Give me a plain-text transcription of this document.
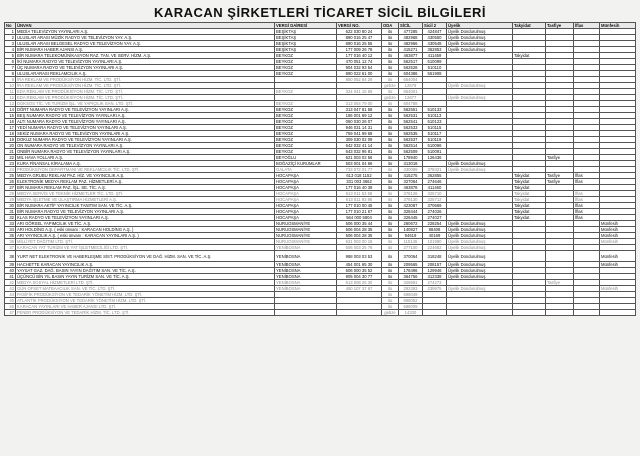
KARACAN ŞİRKETLERİ TİCARET SİCİL BİLGİLERİ
No	ÜNVAN	VERGİ DAİRESİ	VERGİ NO.	ODA	SİCİL	Sicil 2	Üyelik	Takyidat	Tasfiye	İflas	Münfesih
1	MEDİA TELEVİZYON YAYINLARI A.Ş.	BEŞİKTAŞ	622 030 80 24	ito	477285	424847	Üyelik Dondurulmuş				
2	ULUSLAR ARASI MÜZİK RADYO VE TELEVİZYON YAY. A.Ş.	BEŞİKTAŞ	890 016 25 47	ito	482968	430550	Üyelik Dondurulmuş				
3	ULUSLAR ARASI BELGESEL RADYO VE TELEVİZYON YAY. A.Ş.	BEŞİKTAŞ	890 016 25 55	ito	482966	430548	Üyelik Dondurulmuş				
4	BİR NUMARA HABER AJANSI A.Ş.	BEŞİKTAŞ	177 009 26 78	ito	415271	362853	Üyelik Dondurulmuş				
5	BİR NUMARA TELEKOMÜNİKASYON RAZ. TAN. VE SERV. HİZM. A.Ş.	BEYKOZ	177 016 40 12	ito	463877	411459		Takyidat			
6	İKİ NUMARA RADYO VE TELEVİZYON YAYINLARI A.Ş.	BEYKOZ	470 051 12 74	ito	562517	510099					
7	ÜÇ NUMARA RADYO VE TELEVİZYON YAYINLARI A.Ş.	BEYKOZ	904 032 93 54	ito	562528	510110					
8	ULUSLARARASI REKLAMCILIK A.Ş.	BEYKOZ	890 022 61 00	ito	604386	551908					
9	İRA REKLAM VE PRODÜKSİYON HİZM. TİC. LTD. ŞTİ.		850 052 64 29	ito	654004						
10	İRA REKLAM VE PRODÜKSİYON HİZM. TİC. LTD. ŞTİ.			gebze	12678		Üyelik Dondurulmuş				
11	EDA REKLAM VE PRODÜKSİYON HİZM. TİC. LTD. ŞTİ.	BEYKOZ	324 041 15 59	ito	654001						
12	EDA REKLAM VE PRODÜKSİYON HİZM. TİC. LTD. ŞTİ.			gebze	12677		Üyelik Dondurulmuş				
13	DOKSOS TİC. VE TURİZM İŞL. VE YAPIÇILIK SAN. LTD. ŞTİ.	BEYKOZ	313 054 79 00	ito	604788						
14	DÖRT NUMARA RADYO VE TELEVİZYON YAYINLARI A.Ş.	BEYKOZ	313 047 81 58	ito	562551	510133					
15	BEŞ NUMARA RADYO VE TELEVİZYON YAYINLARI A.Ş.	BEYKOZ	186 001 69 12	ito	562531	510113					
16	ALTI NUMARA RADYO VE TELEVİZYON YAYINLARI A.Ş.	BEYKOZ	060 030 26 07	ito	562541	510123					
17	YEDİ NUMARA RADYO VE TELEVİZYON YAYINLARI A.Ş.	BEYKOZ	946 031 14 31	ito	562533	510115					
18	SEKİZ NUMARA RADYO VE TELEVİZYON YAYINLARI A.Ş.	BEYKOZ	759 041 99 68	ito	562535	510117					
19	DOKUZ NUMARA RADYO VE TELEVİZYON YAYINLARI A.Ş.	BEYKOZ	309 030 02 09	ito	562537	510119					
20	ON NUMARA RADYO VE TELEVİZYON YAYINLARI A.Ş.	BEYKOZ	642 032 41 14	ito	562514	510096					
21	ONBİR NUMARA RADYO VE TELEVİZYON YAYINLARI A.Ş.	BEYKOZ	643 032 96 81	ito	562509	510091					
22	MİL HAVA YOLLARI A.Ş.	BEYOĞLU	621 003 02 56	ito	178940	126436			Tasfiye		
23	KURA FİNANSAL KİRALAMA A.Ş.	BOĞAZİÇİ KURUMLAR	503 001 04 66	ito	313018		Üyelik Dondurulmuş				
24	PRODÜKSİYON DEPARTMANI VE REKLAMCILIK TİC. LTD. ŞTİ.	GALATA	733 072 01 77	ito	430089	378421	Üyelik Dondurulmuş				
25	MEDYA GRUBU REKLAM PAZ. HİZ. VE YAYINCILIK A.Ş.	HOCAPAŞA	613 018 1152	ito	415275	362855		Takyidat	Tasfiye	İflas	
26	ELEKTRONİK MEDYA REKLAM PAZ. HİZMETLERİ A.Ş.	HOCAPAŞA	331 003 3662	ito	327064	274646		Takyidat	Tasfiye	İflas	
27	BİR NUMARA REKLAM PAZ. İŞL. SE. TİC. A.Ş.	HOCAPAŞA	177 016 40 38	ito	463878	411460		Takyidat			
28	MEDYA SERVİS VE TEKNİK HİZMETLER TİC. LTD. ŞTİ.	HOCAPAŞA	613 011 53 58	ito	378126	325710		Takyidat		İflas	
29	MEDYA İŞLETME VE ULAŞTIRMA HİZMETLERİ A.Ş.	HOCAPAŞA	613 011 93 86	ito	378130	325712		Takyidat		İflas	
30	BİR NUMARA AKTİF YAYINCILIK TANITIM SAN. VE TİC. A.Ş.	HOCAPAŞA	177 010 00 45	ito	423087	370669		Takyidat		İflas	
31	BİR NUMARA RADYO VE TELEVİZYON YAYINLARI A.Ş.	HOCAPAŞA	177 010 21 67	ito	328444	274026		Takyidat		İflas	
32	KLAS RADYO VE TELEVİZYON YAYINLARI A.Ş.	HOCAPAŞA	564 000 5804	ito	326445	274027		Takyidat		İflas	
33	ARI GÖRSEL YAPIMCILIK VE TİC. A.Ş.	NURUOSMANİYE	506 000 35 44	ito	280672	228254	Üyelik Dondurulmuş				Münfesih
34	ARI HOLDİNG A.Ş. ( eski ünvanı : KARACAN HOLDİNG A.Ş. )	NURUOSMANİYE	506 004 28 35	ito	140827	88408	Üyelik Dondurulmuş				Münfesih
35	ARI YAYINCILIK A.Ş. ( eski ünvanı : KARACAN YAYINLARI A.Ş. )	NURUOSMANİYE	506 004 28 35	ito	94619	40169	Üyelik Dondurulmuş				Münfesih
36	MİLLİYET DAĞITIM LTD. ŞTİ.	NURUOSMANİYE	621 003 00 18	ito	115145	101980	Üyelik Dondurulmuş				Münfesih
37	KARACAN YAT TURİZM VE YAT İŞLETMECİLİĞİ LTD. ŞTİ.	YENİBOSNA	506 003 25 78	ito	277100	224682	Üyelik Dondurulmuş				
38	YURT NET ELEKTRONİK VE HABERLEŞME SİST. PRODÜKSİYON VE DAĞ. HİZM. SAN. VE TİC. A.Ş.	YENİBOSNA	988 003 03 53	ito	370064	318248	Üyelik Dondurulmuş				Münfesih
39	HACHETTE KARACAN YAYINCILIK A.Ş.	YENİBOSNA	454 001 65 30	ito	209565	208157	Üyelik Dondurulmuş				Münfesih
40	YAYSAT GAZ. DAĞ. BASIN YAYIN DAĞITIM SAN. VE TİC. A.Ş.	YENİBOSNA	506 000 35 52	ito	178496	129946	Üyelik Dondurulmuş				
41	ÜÇÜNCÜ BİN YIL BASIN YAYIN TURİZM SAN. VE TİC. A.Ş.	YENİBOSNA	905 004 30 77	ito	364756	312338	Üyelik Dondurulmuş				
42	MEDYA SOSYAL HİZMETLERİ LTD. ŞTİ.	YENİBOSNA	613 008 26 30	ito	326691	274273			Tasfiye		
43	GÜN OFSET MATBAACILIK SAN. VE TİC. LTD. ŞTİ.	YENİBOSNA	450 107 37 67	ito	292393	239975	Üyelik Dondurulmuş				Münfesih
44	PASİFİK PRODÜKSİYON VE TEDARİK YÖNETİM HİZM. LTD. ŞTİ.			ito	698049						
45	ATLANTİK PRODÜKSİYON VE TEDARİK YÖNETİM HİZM. LTD. ŞTİ.			ito	698052						
46	KARACAN YAYINLARI VE HABER AJANSI LTD. ŞTİ.			ito	698009						
47	FENER PRODÜKSİYON VE TEDARİK HİZM. TİC. LTD. ŞTİ.			gebze	14330						
